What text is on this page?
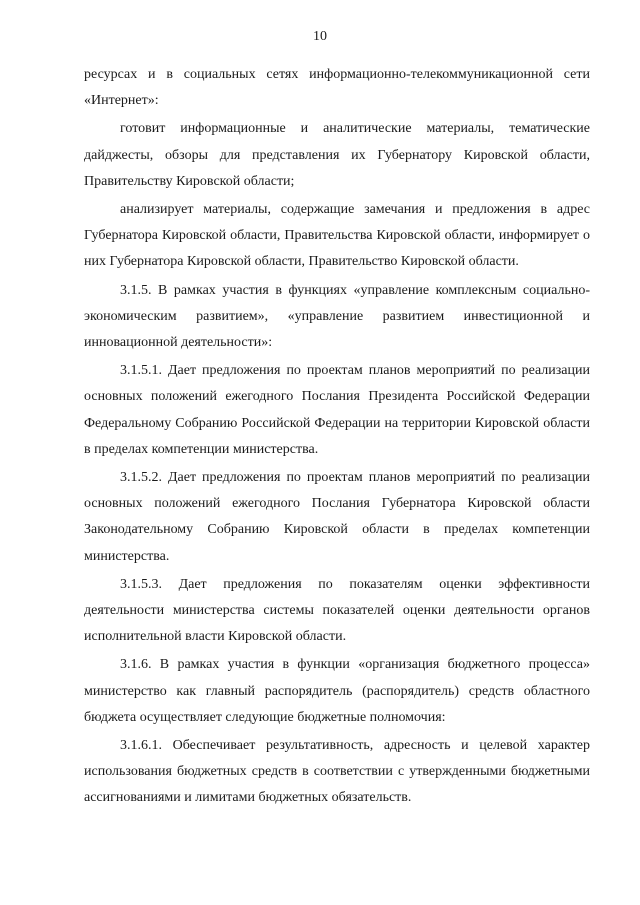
10

ресурсах и в социальных сетях информационно-телекоммуникационной сети «Интернет»:

готовит информационные и аналитические материалы, тематические дайджесты, обзоры для представления их Губернатору Кировской области, Правительству Кировской области;

анализирует материалы, содержащие замечания и предложения в адрес Губернатора Кировской области, Правительства Кировской области, информирует о них Губернатора Кировской области, Правительство Кировской области.

3.1.5. В рамках участия в функциях «управление комплексным социально-экономическим развитием», «управление развитием инвестиционной и инновационной деятельности»:

3.1.5.1. Дает предложения по проектам планов мероприятий по реализации основных положений ежегодного Послания Президента Российской Федерации Федеральному Собранию Российской Федерации на территории Кировской области в пределах компетенции министерства.

3.1.5.2. Дает предложения по проектам планов мероприятий по реализации основных положений ежегодного Послания Губернатора Кировской области Законодательному Собранию Кировской области в пределах компетенции министерства.

3.1.5.3. Дает предложения по показателям оценки эффективности деятельности министерства системы показателей оценки деятельности органов исполнительной власти Кировской области.

3.1.6. В рамках участия в функции «организация бюджетного процесса» министерство как главный распорядитель (распорядитель) средств областного бюджета осуществляет следующие бюджетные полномочия:

3.1.6.1. Обеспечивает результативность, адресность и целевой характер использования бюджетных средств в соответствии с утвержденными бюджетными ассигнованиями и лимитами бюджетных обязательств.
